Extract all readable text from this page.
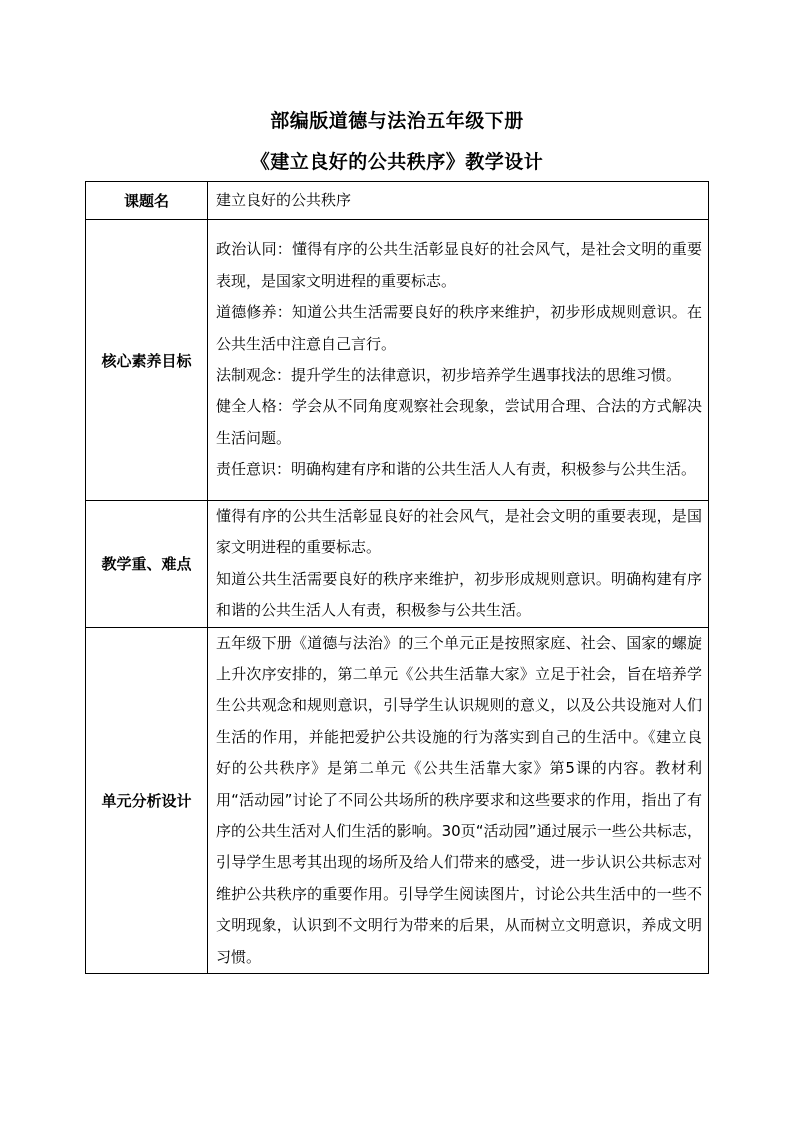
部编版道德与法治五年级下册
《建立良好的公共秩序》教学设计
课题名	建立良好的公共秩序

核心素养目标	政治认同：懂得有序的公共生活彰显良好的社会风气，是社会文明的重要表现，是国家文明进程的重要标志。

道德修养：知道公共生活需要良好的秩序来维护，初步形成规则意识。在公共生活中注意自己言行。

法制观念：提升学生的法律意识，初步培养学生遇事找法的思维习惯。

健全人格：学会从不同角度观察社会现象，尝试用合理、合法的方式解决生活问题。

责任意识：明确构建有序和谐的公共生活人人有责，积极参与公共生活。

教学重、难点	懂得有序的公共生活彰显良好的社会风气，是社会文明的重要表现，是国家文明进程的重要标志。

知道公共生活需要良好的秩序来维护，初步形成规则意识。明确构建有序和谐的公共生活人人有责，积极参与公共生活。

单元分析设计	五年级下册《道德与法治》的三个单元正是按照家庭、社会、国家的螺旋上升次序安排的，第二单元《公共生活靠大家》立足于社会，旨在培养学生公共观念和规则意识，引导学生认识规则的意义，以及公共设施对人们生活的作用，并能把爱护公共设施的行为落实到自己的生活中。《建立良好的公共秩序》是第二单元《公共生活靠大家》第5课的内容。教材利用“活动园”讨论了不同公共场所的秩序要求和这些要求的作用，指出了有序的公共生活对人们生活的影响。30页“活动园”通过展示一些公共标志，引导学生思考其出现的场所及给人们带来的感受，进一步认识公共标志对维护公共秩序的重要作用。引导学生阅读图片，讨论公共生活中的一些不文明现象，认识到不文明行为带来的后果，从而树立文明意识，养成文明习惯。
